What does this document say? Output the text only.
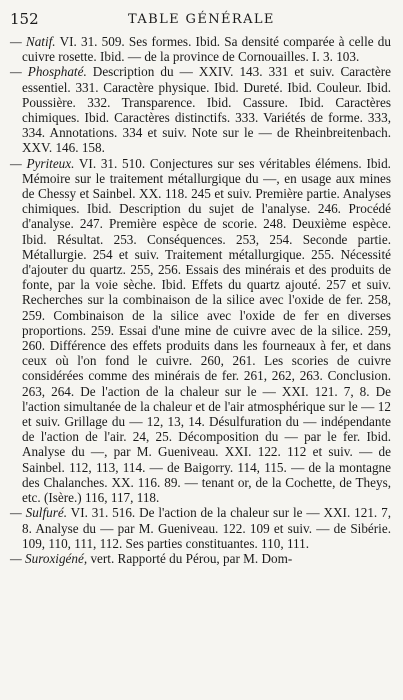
152	TABLE GÉNÉRALE

— Natif. VI. 31. 509. Ses formes. Ibid. Sa densité comparée à celle du cuivre rosette. Ibid. — de la province de Cornouailles. I. 3. 103.

— Phosphaté. Description du — XXIV. 143. 331 et suiv. Caractère essentiel. 331. Caractère physique. Ibid. Dureté. Ibid. Couleur. Ibid. Poussière. 332. Transparence. Ibid. Cassure. Ibid. Caractères chimiques. Ibid. Caractères distinctifs. 333. Variétés de forme. 333, 334. Annotations. 334 et suiv. Note sur le — de Rheinbreitenbach. XXV. 146. 158.

— Pyriteux. VI. 31. 510. Conjectures sur ses véritables élémens. Ibid. Mémoire sur le traitement métallurgique du —, en usage aux mines de Chessy et Sainbel. XX. 118. 245 et suiv. Première partie. Analyses chimiques. Ibid. Description du sujet de l'analyse. 246. Procédé d'analyse. 247. Première espèce de scorie. 248. Deuxième espèce. Ibid. Résultat. 253. Conséquences. 253, 254. Seconde partie. Métallurgie. 254 et suiv. Traitement métallurgique. 255. Nécessité d'ajouter du quartz. 255, 256. Essais des minérais et des produits de fonte, par la voie sèche. Ibid. Effets du quartz ajouté. 257 et suiv. Recherches sur la combinaison de la silice avec l'oxide de fer. 258, 259. Combinaison de la silice avec l'oxide de fer en diverses proportions. 259. Essai d'une mine de cuivre avec de la silice. 259, 260. Différence des effets produits dans les fourneaux à fer, et dans ceux où l'on fond le cuivre. 260, 261. Les scories de cuivre considérées comme des minérais de fer. 261, 262, 263. Conclusion. 263, 264. De l'action de la chaleur sur le — XXI. 121. 7, 8. De l'action simultanée de la chaleur et de l'air atmosphérique sur le — 12 et suiv. Grillage du — 12, 13, 14. Désulfuration du — indépendante de l'action de l'air. 24, 25. Décomposition du — par le fer. Ibid. Analyse du —, par M. Gueniveau. XXI. 122. 112 et suiv. — de Sainbel. 112, 113, 114. — de Baigorry. 114, 115. — de la montagne des Chalanches. XX. 116. 89. — tenant or, de la Cochette, de Theys, etc. (Isère.) 116, 117, 118.

— Sulfuré. VI. 31. 516. De l'action de la chaleur sur le — XXI. 121. 7, 8. Analyse du — par M. Gueniveau. 122. 109 et suiv. — de Sibérie. 109, 110, 111, 112. Ses parties constituantes. 110, 111.

— Suroxigéné, vert. Rapporté du Pérou, par M. Dom-
